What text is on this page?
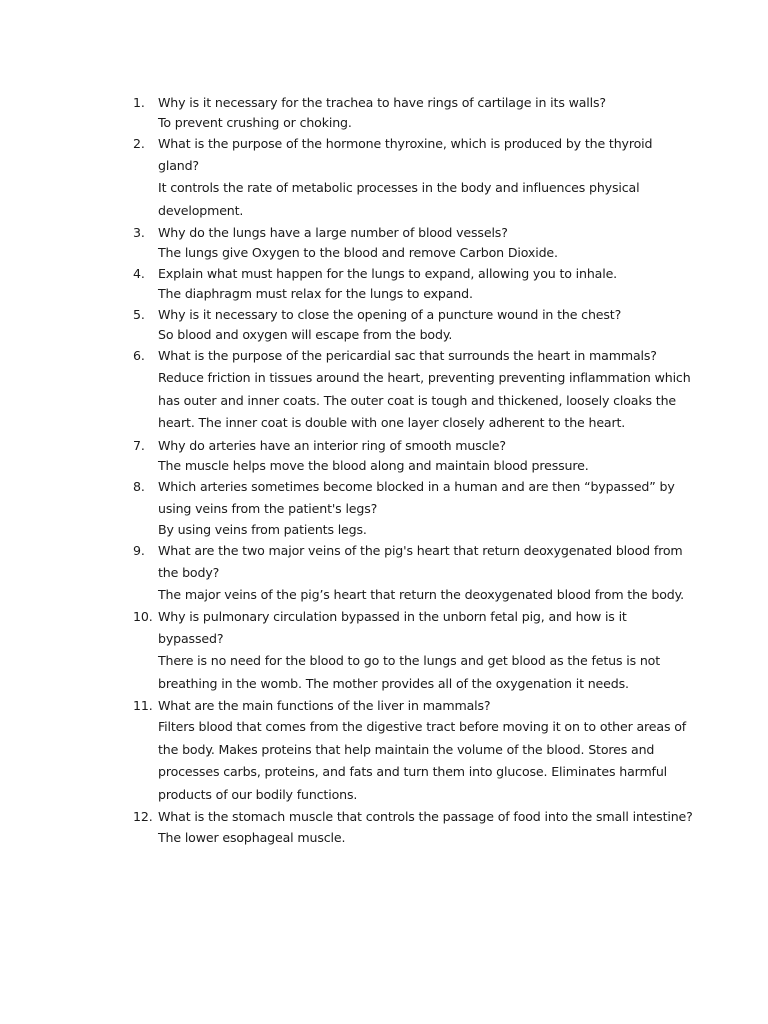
1. Why is it necessary for the trachea to have rings of cartilage in its walls?

To prevent crushing or choking.

2. What is the purpose of the hormone thyroxine, which is produced by the thyroid gland?

It controls the rate of metabolic processes in the body and influences physical development.

3. Why do the lungs have a large number of blood vessels?

The lungs give Oxygen to the blood and remove Carbon Dioxide.

4. Explain what must happen for the lungs to expand, allowing you to inhale.

The diaphragm must relax for the lungs to expand.

5. Why is it necessary to close the opening of a puncture wound in the chest?

So blood and oxygen will escape from the body.

6. What is the purpose of the pericardial sac that surrounds the heart in mammals?

Reduce friction in tissues around the heart, preventing preventing inflammation which has outer and inner coats. The outer coat is tough and thickened, loosely cloaks the heart. The inner coat is double with one layer closely adherent to the heart.

7. Why do arteries have an interior ring of smooth muscle?

The muscle helps move the blood along and maintain blood pressure.

8. Which arteries sometimes become blocked in a human and are then “bypassed” by using veins from the patient's legs?

By using veins from patients legs.

9. What are the two major veins of the pig's heart that return deoxygenated blood from the body?

The major veins of the pig’s heart that return the deoxygenated blood from the body.

10. Why is pulmonary circulation bypassed in the unborn fetal pig, and how is it bypassed?

There is no need for the blood to go to the lungs and get blood as the fetus is not breathing in the womb. The mother provides all of the oxygenation it needs.

11. What are the main functions of the liver in mammals?

Filters blood that comes from the digestive tract before moving it on to other areas of the body. Makes proteins that help maintain the volume of the blood. Stores and processes carbs, proteins, and fats and turn them into glucose. Eliminates harmful products of our bodily functions.

12. What is the stomach muscle that controls the passage of food into the small intestine?

The lower esophageal muscle.
